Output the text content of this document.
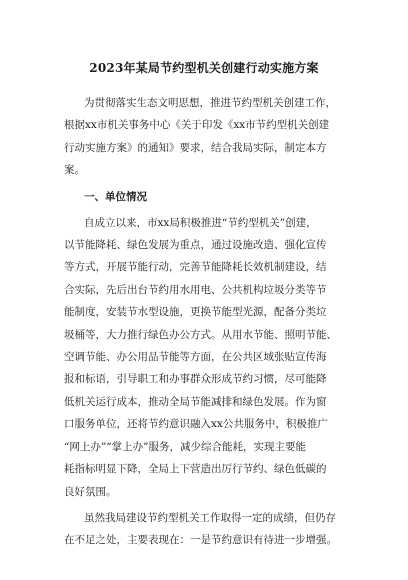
2023年某局节约型机关创建行动实施方案

为贯彻落实生态文明思想，推进节约型机关创建工作，
根据xx市机关事务中心《关于印发《xx市节约型机关创建
行动实施方案》的通知》要求，结合我局实际，制定本方
案。

一、单位情况

自成立以来，市xx局积极推进“节约型机关”创建，
以节能降耗、绿色发展为重点，通过设施改造、强化宣传
等方式，开展节能行动，完善节能降耗长效机制建设，结
合实际，先后出台节约用水用电、公共机构垃圾分类等节
能制度，安装节水型设施，更换节能型光源，配备分类垃
圾桶等，大力推行绿色办公方式。从用水节能、照明节能、
空调节能、办公用品节能等方面，在公共区域张贴宣传海
报和标语，引导职工和办事群众形成节约习惯，尽可能降
低机关运行成本，推动全局节能减排和绿色发展。作为窗
口服务单位，还将节约意识融入xx公共服务中，积极推广
“网上办”“掌上办”服务，减少综合能耗，实现主要能
耗指标明显下降，全局上下营造出厉行节约、绿色低碳的
良好氛围。

虽然我局建设节约型机关工作取得一定的成绩，但仍存
在不足之处，主要表现在：一是节约意识有待进一步增强。
